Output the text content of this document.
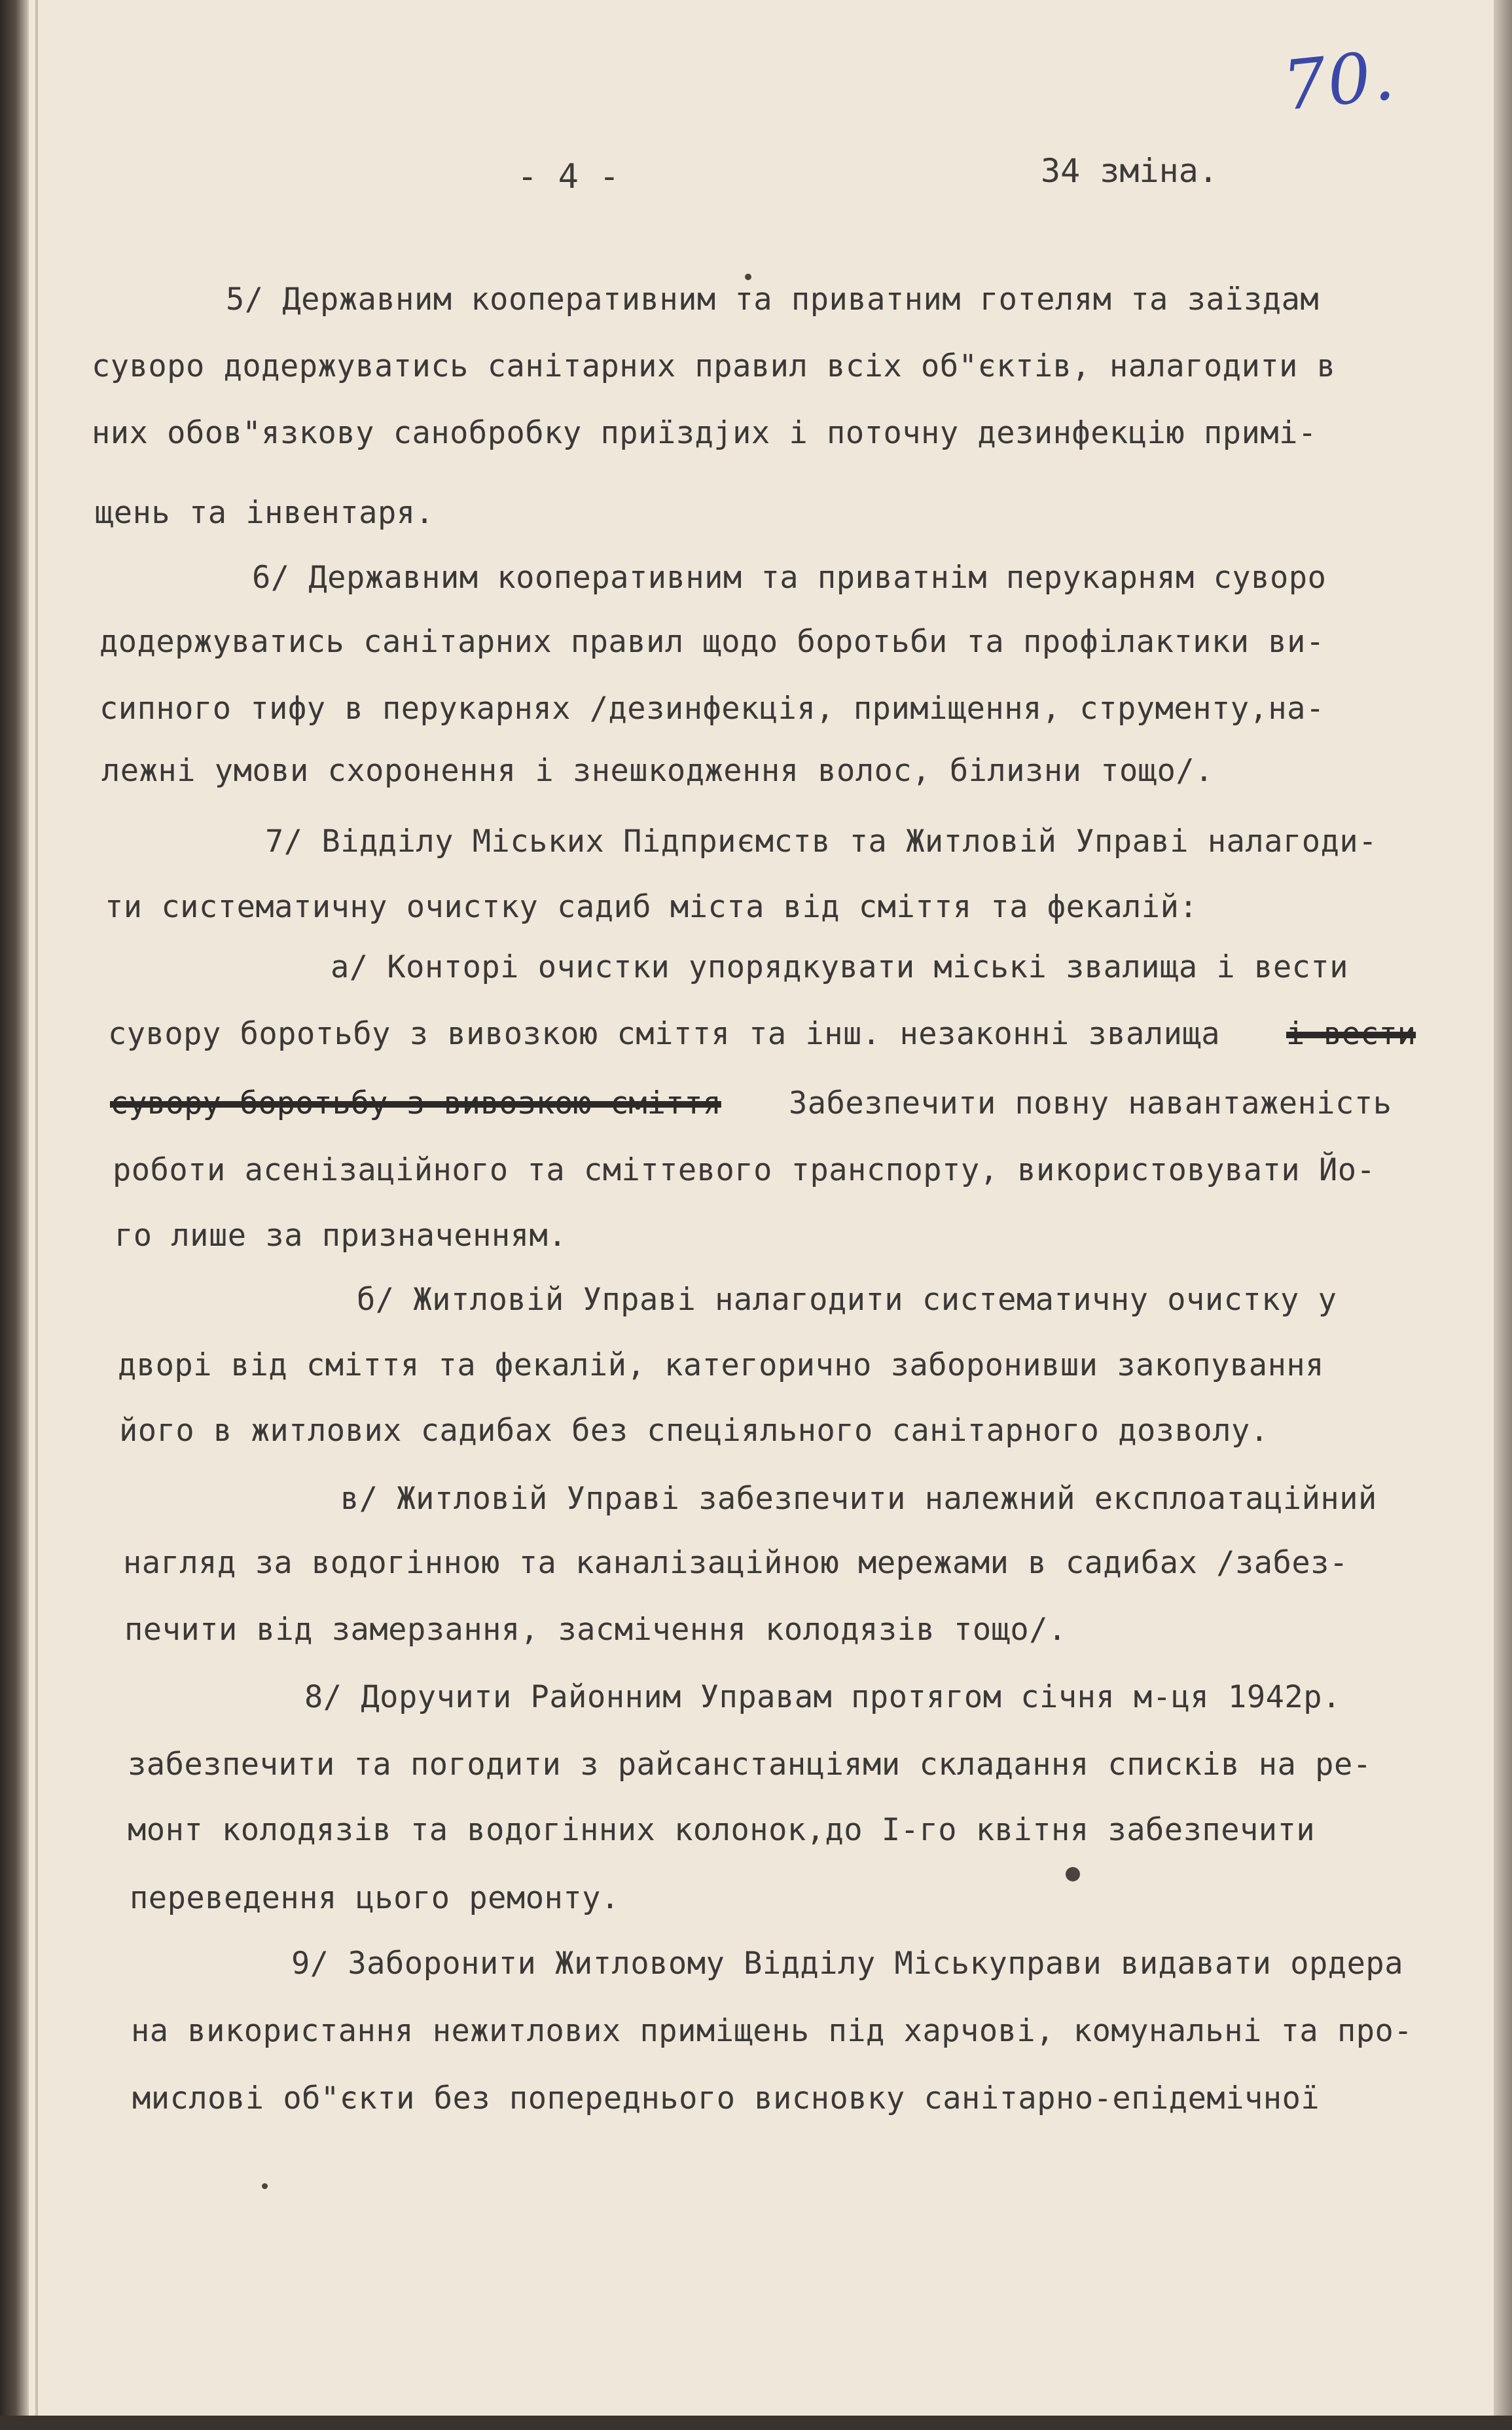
70.
- 4 -	34 зміна.
5/ Державним кооперативним та приватним готелям та заїздам
суворо додержуватись санітарних правил всіх об"єктів, налагодити в
них обов"язкову санобробку приїздjих і поточну дезинфекцію примі-
щень та інвентаря.
6/ Державним кооперативним та приватнім перукарням суворо
додержуватись санітарних правил щодо боротьби та профілактики ви-
сипного тифу в перукарнях /дезинфекція, приміщення, струменту,на-
лежні умови схоронення і знешкодження волос, білизни тощо/.
7/ Віддiлу Міських Підприємств та Житловій Управі налагоди-
ти систематичну очистку садиб міста від сміття та фекалій:
а/ Конторі очистки упорядкувати міські звалища і вести
сувору боротьбу з вивозкою сміття та інш. незаконні звалища і вести
сувору боротьбу з вивозкою сміття Забезпечити повну навантаженість
роботи асенізаційного та сміттевого транспорту, використовувати Йо-
го лише за призначенням.
б/ Житловій Управі налагодити систематичну очистку у
дворі від сміття та фекалій, категорично заборонивши закопування
його в житлових садибах без спеціяльного санітарного дозволу.
в/ Житловій Управі забезпечити належний експлоатаційний
нагляд за водогінною та каналізаційною мережами в садибах /забез-
печити від замерзання, засмічення колодязів тощо/.
8/ Доручити Районним Управам протягом січня м-ця 1942р.
забезпечити та погодити з райсанстанціями складання списків на ре-
монт колодязів та водогінних колонок,до І-го квітня забезпечити
переведення цього ремонту.
9/ Заборонити Житловому Віддiлу Міськуправи видавати ордера
на використання нежитлових приміщень під харчові, комунальні та про-
мислові об"єкти без попереднього висновку санітарно-епідемічної
